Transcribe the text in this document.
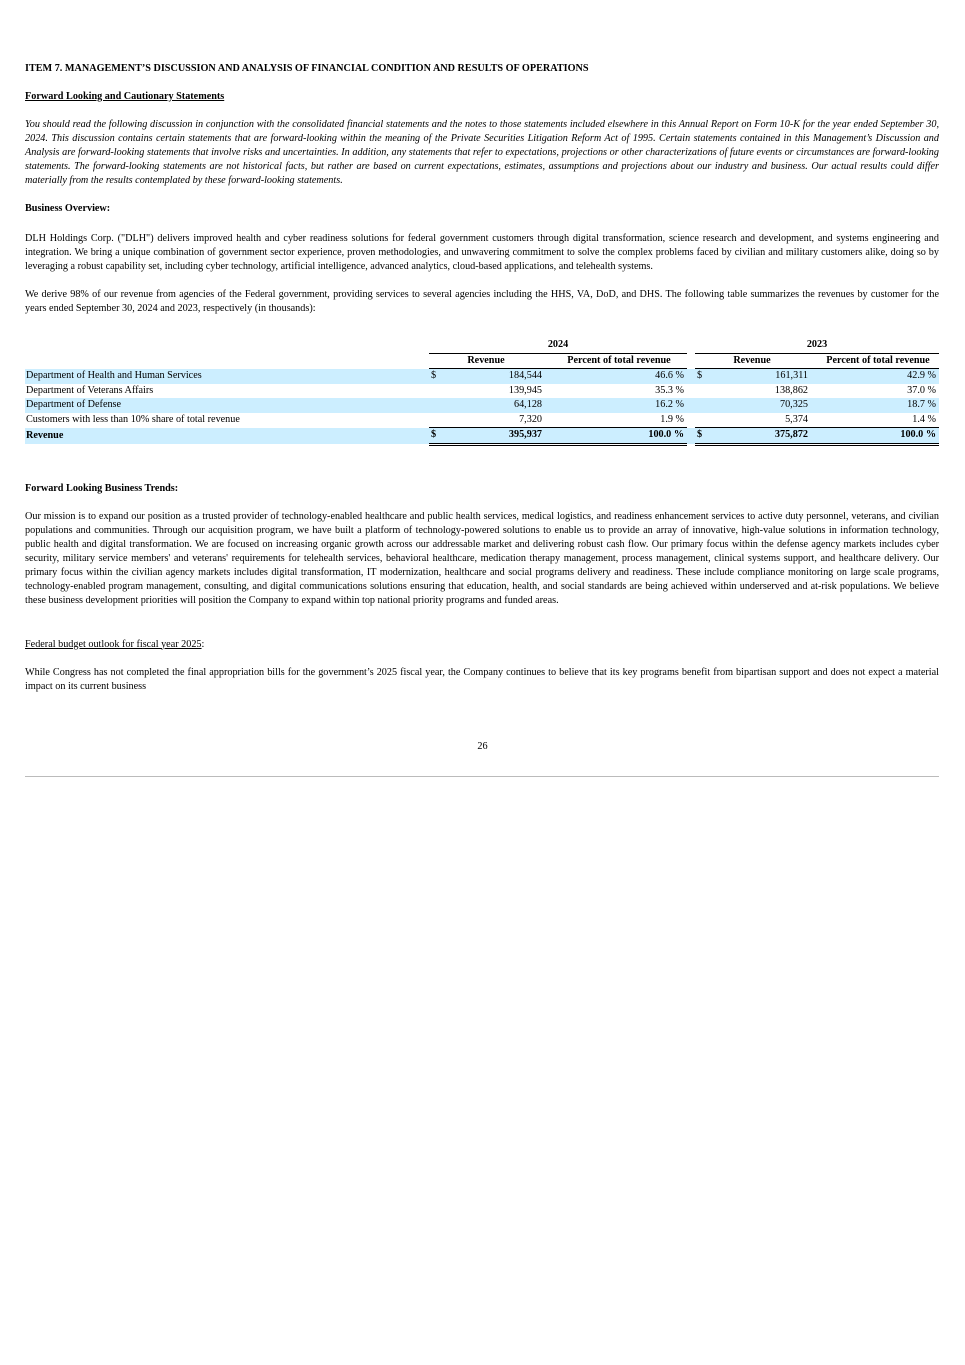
ITEM 7. MANAGEMENT’S DISCUSSION AND ANALYSIS OF FINANCIAL CONDITION AND RESULTS OF OPERATIONS
Forward Looking and Cautionary Statements

You should read the following discussion in conjunction with the consolidated financial statements and the notes to those statements included elsewhere in this Annual Report on Form 10-K for the year ended September 30, 2024. This discussion contains certain statements that are forward-looking within the meaning of the Private Securities Litigation Reform Act of 1995. Certain statements contained in this Management’s Discussion and Analysis are forward-looking statements that involve risks and uncertainties. In addition, any statements that refer to expectations, projections or other characterizations of future events or circumstances are forward-looking statements. The forward-looking statements are not historical facts, but rather are based on current expectations, estimates, assumptions and projections about our industry and business. Our actual results could differ materially from the results contemplated by these forward-looking statements.

Business Overview:

DLH Holdings Corp. ("DLH") delivers improved health and cyber readiness solutions for federal government customers through digital transformation, science research and development, and systems engineering and integration. We bring a unique combination of government sector experience, proven methodologies, and unwavering commitment to solve the complex problems faced by civilian and military customers alike, doing so by leveraging a robust capability set, including cyber technology, artificial intelligence, advanced analytics, cloud-based applications, and telehealth systems.

We derive 98% of our revenue from agencies of the Federal government, providing services to several agencies including the HHS, VA, DoD, and DHS. The following table summarizes the revenues by customer for the years ended September 30, 2024 and 2023, respectively (in thousands):

		2024					2023			
		Revenue			Percent of total revenue		Revenue			Percent of total revenue
Department of Health and Human Services		$	184,544		46.6 %		$	161,311		42.9 %
Department of Veterans Affairs			139,945		35.3 %			138,862		37.0 %
Department of Defense			64,128		16.2 %			70,325		18.7 %
Customers with less than 10% share of total revenue			7,320		1.9 %			5,374		1.4 %
Revenue		$	395,937		100.0 %		$	375,872		100.0 %
Forward Looking Business Trends:

Our mission is to expand our position as a trusted provider of technology-enabled healthcare and public health services, medical logistics, and readiness enhancement services to active duty personnel, veterans, and civilian populations and communities. Through our acquisition program, we have built a platform of technology-powered solutions to enable us to provide an array of innovative, high-value solutions in information technology, public health and digital transformation. We are focused on increasing organic growth across our addressable market and delivering robust cash flow. Our primary focus within the defense agency markets includes cyber security, military service members' and veterans' requirements for telehealth services, behavioral healthcare, medication therapy management, process management, clinical systems support, and healthcare delivery. Our primary focus within the civilian agency markets includes digital transformation, IT modernization, healthcare and social programs delivery and readiness. These include compliance monitoring on large scale programs, technology-enabled program management, consulting, and digital communications solutions ensuring that education, health, and social standards are being achieved within underserved and at-risk populations. We believe these business development priorities will position the Company to expand within top national priority programs and funded areas.

Federal budget outlook for fiscal year 2025:

While Congress has not completed the final appropriation bills for the government’s 2025 fiscal year, the Company continues to believe that its key programs benefit from bipartisan support and does not expect a material impact on its current business

26
